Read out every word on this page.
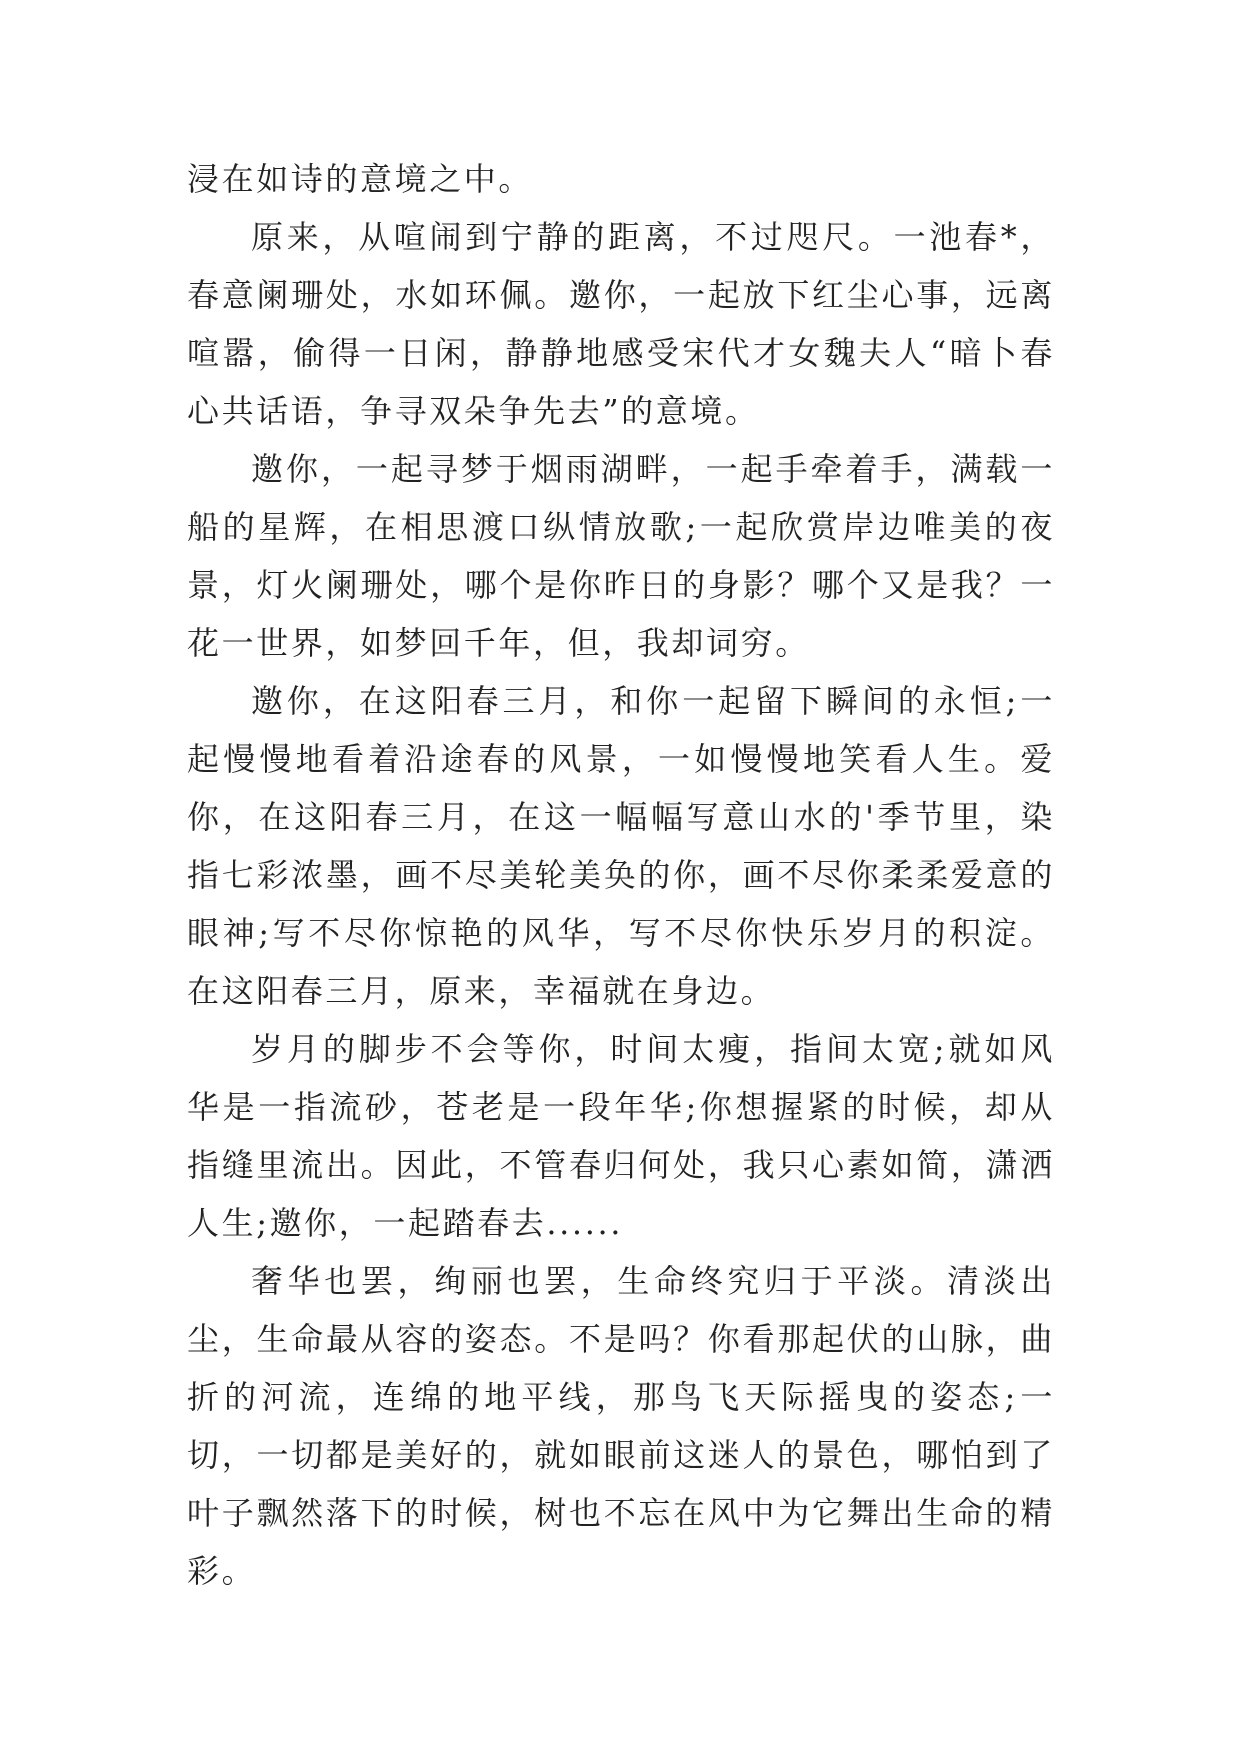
浸在如诗的意境之中。

原来，从喧闹到宁静的距离，不过咫尺。一池春*，春意阑珊处，水如环佩。邀你，一起放下红尘心事，远离喧嚣，偷得一日闲，静静地感受宋代才女魏夫人“暗卜春心共话语，争寻双朵争先去”的意境。

邀你，一起寻梦于烟雨湖畔，一起手牵着手，满载一船的星辉，在相思渡口纵情放歌;一起欣赏岸边唯美的夜景，灯火阑珊处，哪个是你昨日的身影？哪个又是我？一花一世界，如梦回千年，但，我却词穷。

邀你，在这阳春三月，和你一起留下瞬间的永恒;一起慢慢地看着沿途春的风景，一如慢慢地笑看人生。爱你，在这阳春三月，在这一幅幅写意山水的'季节里，染指七彩浓墨，画不尽美轮美奂的你，画不尽你柔柔爱意的眼神;写不尽你惊艳的风华，写不尽你快乐岁月的积淀。在这阳春三月，原来，幸福就在身边。

岁月的脚步不会等你，时间太瘦，指间太宽;就如风华是一指流砂，苍老是一段年华;你想握紧的时候，却从指缝里流出。因此，不管春归何处，我只心素如简，潇洒人生;邀你，一起踏春去......

奢华也罢，绚丽也罢，生命终究归于平淡。清淡出尘，生命最从容的姿态。不是吗？你看那起伏的山脉，曲折的河流，连绵的地平线，那鸟飞天际摇曳的姿态;一切，一切都是美好的，就如眼前这迷人的景色，哪怕到了叶子飘然落下的时候，树也不忘在风中为它舞出生命的精彩。
